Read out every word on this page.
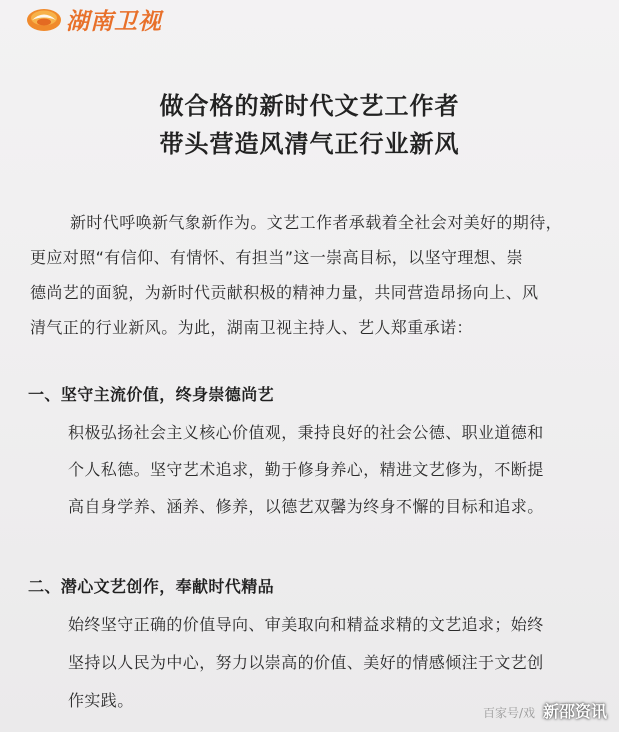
湖南卫视
做合格的新时代文艺工作者
带头营造风清气正行业新风
新时代呼唤新气象新作为。文艺工作者承载着全社会对美好的期待，
更应对照“有信仰、有情怀、有担当”这一崇高目标，以坚守理想、崇
德尚艺的面貌，为新时代贡献积极的精神力量，共同营造昂扬向上、风
清气正的行业新风。为此，湖南卫视主持人、艺人郑重承诺：
一、坚守主流价值，终身崇德尚艺
积极弘扬社会主义核心价值观，秉持良好的社会公德、职业道德和
个人私德。坚守艺术追求，勤于修身养心，精进文艺修为，不断提
高自身学养、涵养、修养，以德艺双馨为终身不懈的目标和追求。
二、潜心文艺创作，奉献时代精品
始终坚守正确的价值导向、审美取向和精益求精的文艺追求；始终
坚持以人民为中心，努力以崇高的价值、美好的情感倾注于文艺创
作实践。
百家号/戏 新邵资讯
